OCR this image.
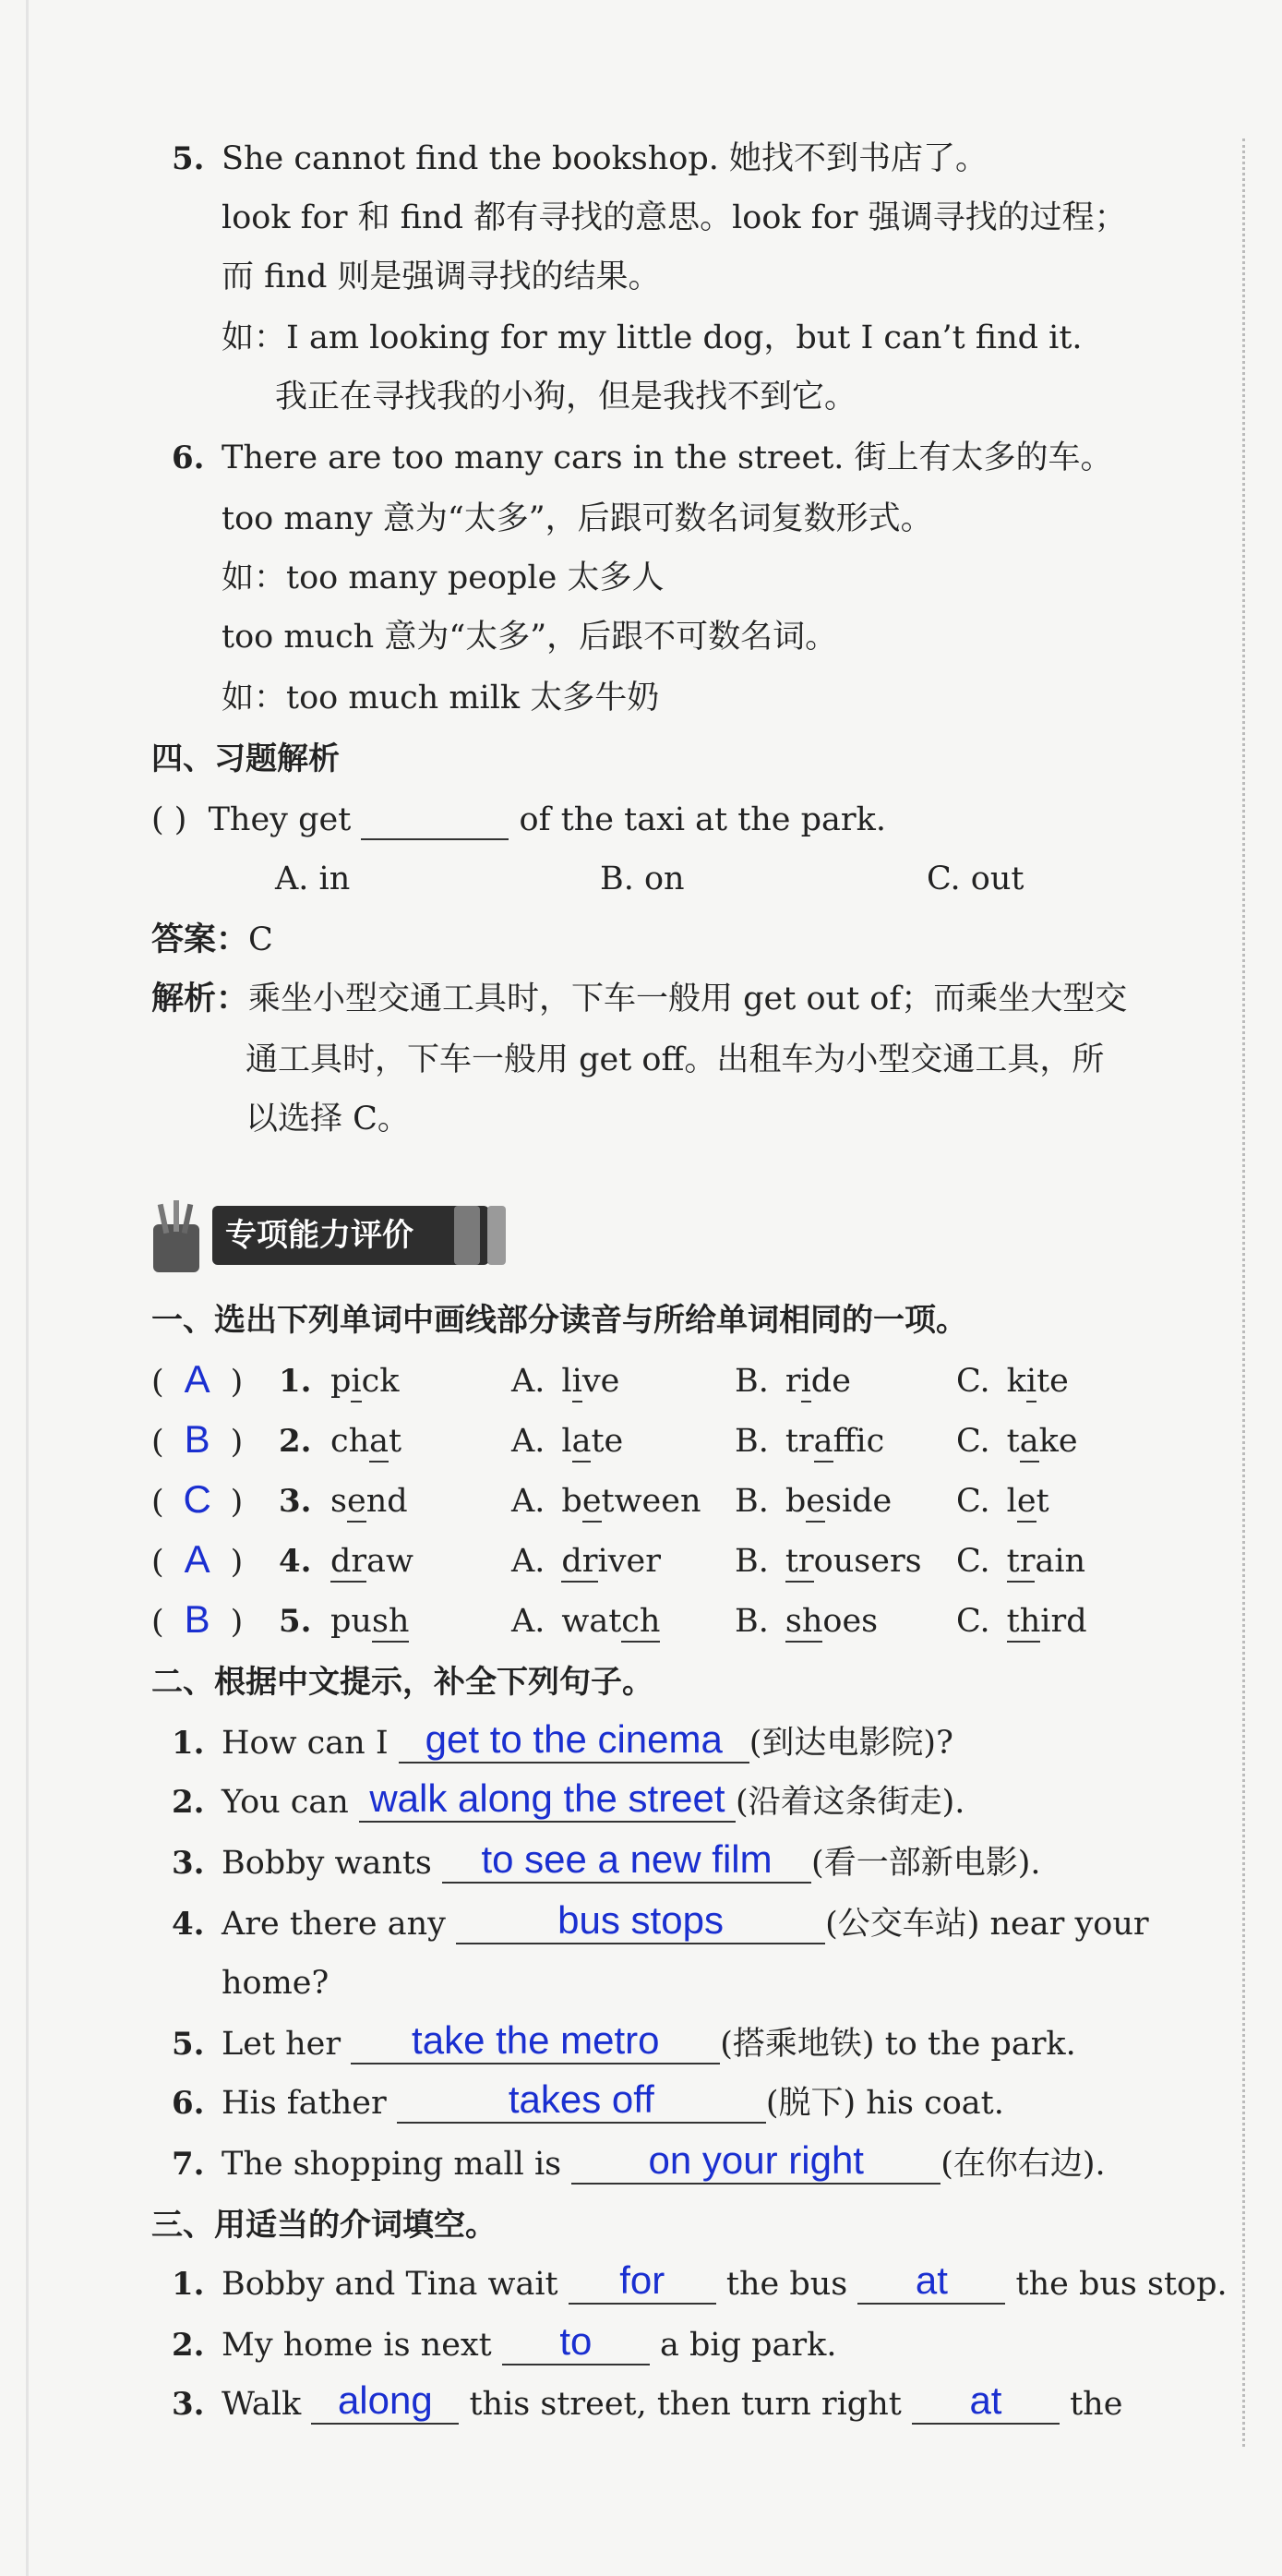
5. She cannot find the bookshop. 她找不到书店了。
look for 和 find 都有寻找的意思。look for 强调寻找的过程；
而 find 则是强调寻找的结果。
如：I am looking for my little dog，but I can’t find it.
我正在寻找我的小狗，但是我找不到它。
6. There are too many cars in the street. 街上有太多的车。
too many 意为“太多”，后跟可数名词复数形式。
如：too many people 太多人
too much 意为“太多”，后跟不可数名词。
如：too much milk 太多牛奶
四、习题解析
( ) They get	of the taxi at the park.
A. in	B. on	C. out
答案：C
解析：乘坐小型交通工具时，下车一般用 get out of；而乘坐大型交
通工具时，下车一般用 get off。出租车为小型交通工具，所
以选择 C。
专项能力评价
一、选出下列单词中画线部分读音与所给单词相同的一项。
( A ) 1. pick	A. live	B. ride	C. kite
( B ) 2. chat	A. late	B. traffic C. take
( C ) 3. send	A. between B. beside C. let
( A ) 4. draw	A. driver B. trousers C. train
( B ) 5. push	A. watch B. shoes C. third
二、根据中文提示，补全下列句子。
1. How can I get to the cinema (到达电影院)?
2. You can walk along the street (沿着这条街走).
3. Bobby wants	to see a new film	(看一部新电影).
4. Are there any	bus stops	(公交车站) near your
home?
5. Let her	take the metro	(搭乘地铁) to the park.
6. His father	takes off	(脱下) his coat.
7. The shopping mall is	on your right	(在你右边).
三、用适当的介词填空。
1. Bobby and Tina wait	for	the bus	at	the bus stop.
2. My home is next	to	a big park.
3. Walk along	this street, then turn right	at	the
